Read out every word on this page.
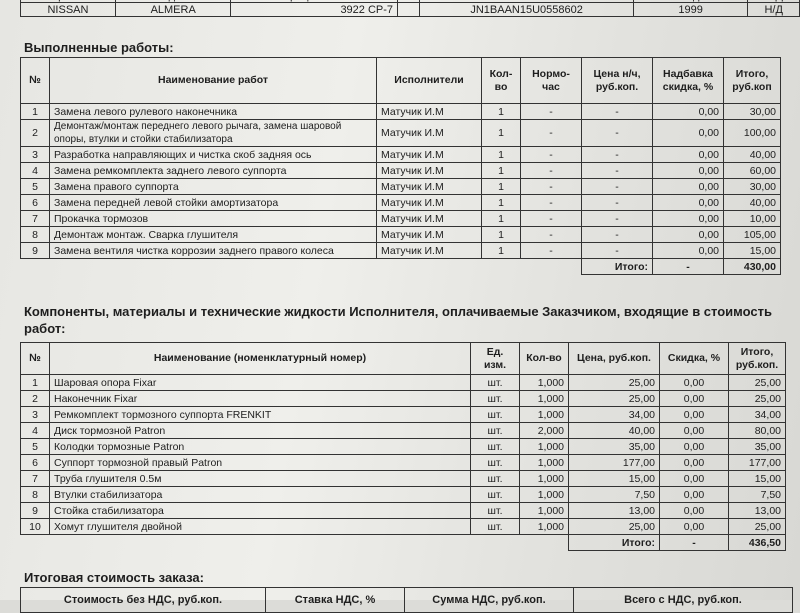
NISSAN	ALMERA	3922 СР-7		JN1BAAN15U0558602	1999	Н/Д
Выполненные работы:
№	Наименование работ	Исполнители	Кол-во	Нормо-час	Цена н/ч, руб.коп.	Надбавка скидка, %	Итого, руб.коп
1	Замена левого рулевого наконечника	Матучик И.М	1	-	-	0,00	30,00
2	Демонтаж/монтаж переднего левого рычага, замена шаровой опоры, втулки и стойки стабилизатора	Матучик И.М	1	-	-	0,00	100,00
3	Разработка направляющих и чистка скоб задняя ось	Матучик И.М	1	-	-	0,00	40,00
4	Замена ремкомплекта заднего левого суппорта	Матучик И.М	1	-	-	0,00	60,00
5	Замена правого суппорта	Матучик И.М	1	-	-	0,00	30,00
6	Замена передней левой стойки амортизатора	Матучик И.М	1	-	-	0,00	40,00
7	Прокачка тормозов	Матучик И.М	1	-	-	0,00	10,00
8	Демонтаж монтаж. Сварка глушителя	Матучик И.М	1	-	-	0,00	105,00
9	Замена вентиля чистка коррозии заднего правого колеса	Матучик И.М	1	-	-	0,00	15,00
					Итого:	-	430,00
Компоненты, материалы и технические жидкости Исполнителя, оплачиваемые Заказчиком, входящие в стоимость работ:
№	Наименование (номенклатурный номер)	Ед. изм.	Кол-во	Цена, руб.коп.	Скидка, %	Итого, руб.коп.
1	Шаровая опора Fixar	шт.	1,000	25,00	0,00	25,00
2	Наконечник Fixar	шт.	1,000	25,00	0,00	25,00
3	Ремкомплект тормозного суппорта FRENKIT	шт.	1,000	34,00	0,00	34,00
4	Диск тормозной Patron	шт.	2,000	40,00	0,00	80,00
5	Колодки тормозные Patron	шт.	1,000	35,00	0,00	35,00
6	Суппорт тормозной правый Patron	шт.	1,000	177,00	0,00	177,00
7	Труба глушителя 0.5м	шт.	1,000	15,00	0,00	15,00
8	Втулки стабилизатора	шт.	1,000	7,50	0,00	7,50
9	Стойка стабилизатора	шт.	1,000	13,00	0,00	13,00
10	Хомут глушителя двойной	шт.	1,000	25,00	0,00	25,00
				Итого:	-	436,50
Итоговая стоимость заказа:
Стоимость без НДС, руб.коп.	Ставка НДС, %	Сумма НДС, руб.коп.	Всего с НДС, руб.коп.
